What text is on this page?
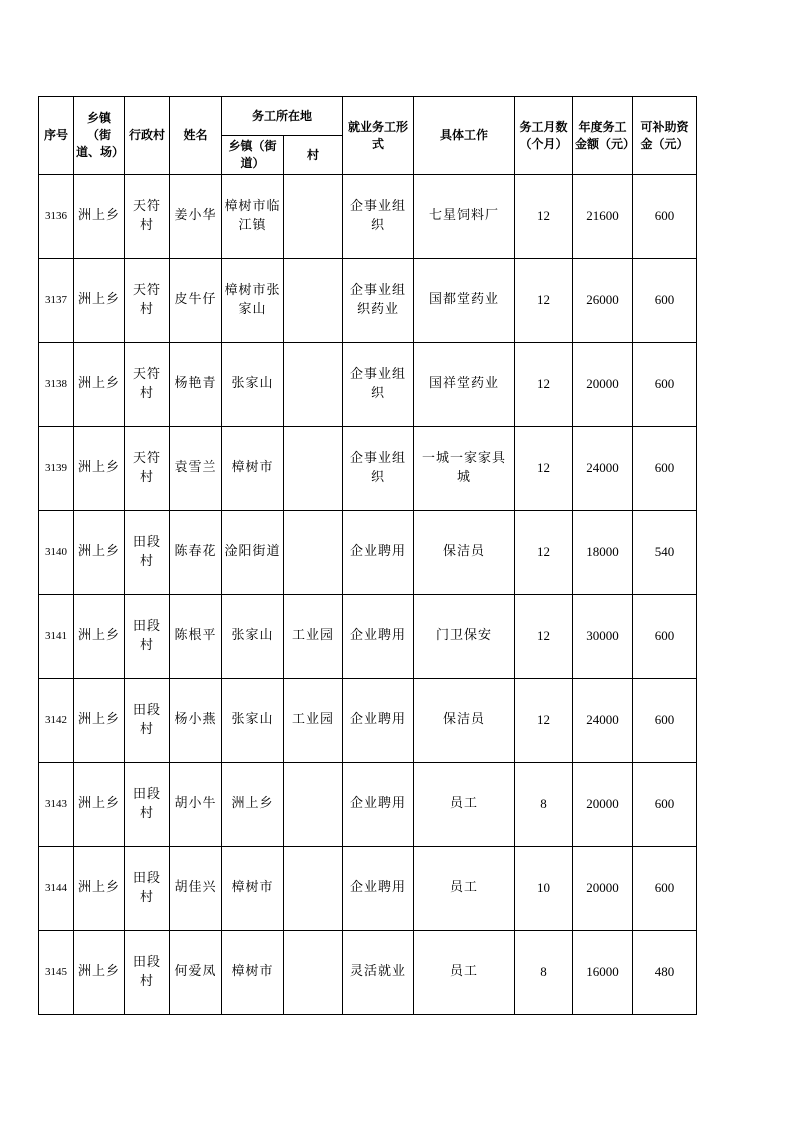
序号	乡镇（街道、场）	行政村	姓名	务工所在地		就业务工形式	具体工作	务工月数（个月）	年度务工金额（元）	可补助资金（元）
				乡镇（街道）	村					
3136	洲上乡	天符村	姜小华	樟树市临江镇		企事业组织	七星饲料厂	12	21600	600
3137	洲上乡	天符村	皮牛仔	樟树市张家山		企事业组织药业	国都堂药业	12	26000	600
3138	洲上乡	天符村	杨艳青	张家山		企事业组织	国祥堂药业	12	20000	600
3139	洲上乡	天符村	袁雪兰	樟树市		企事业组织	一城一家家具城	12	24000	600
3140	洲上乡	田段村	陈春花	淦阳街道		企业聘用	保洁员	12	18000	540
3141	洲上乡	田段村	陈根平	张家山	工业园	企业聘用	门卫保安	12	30000	600
3142	洲上乡	田段村	杨小燕	张家山	工业园	企业聘用	保洁员	12	24000	600
3143	洲上乡	田段村	胡小牛	洲上乡		企业聘用	员工	8	20000	600
3144	洲上乡	田段村	胡佳兴	樟树市		企业聘用	员工	10	20000	600
3145	洲上乡	田段村	何爱凤	樟树市		灵活就业	员工	8	16000	480
